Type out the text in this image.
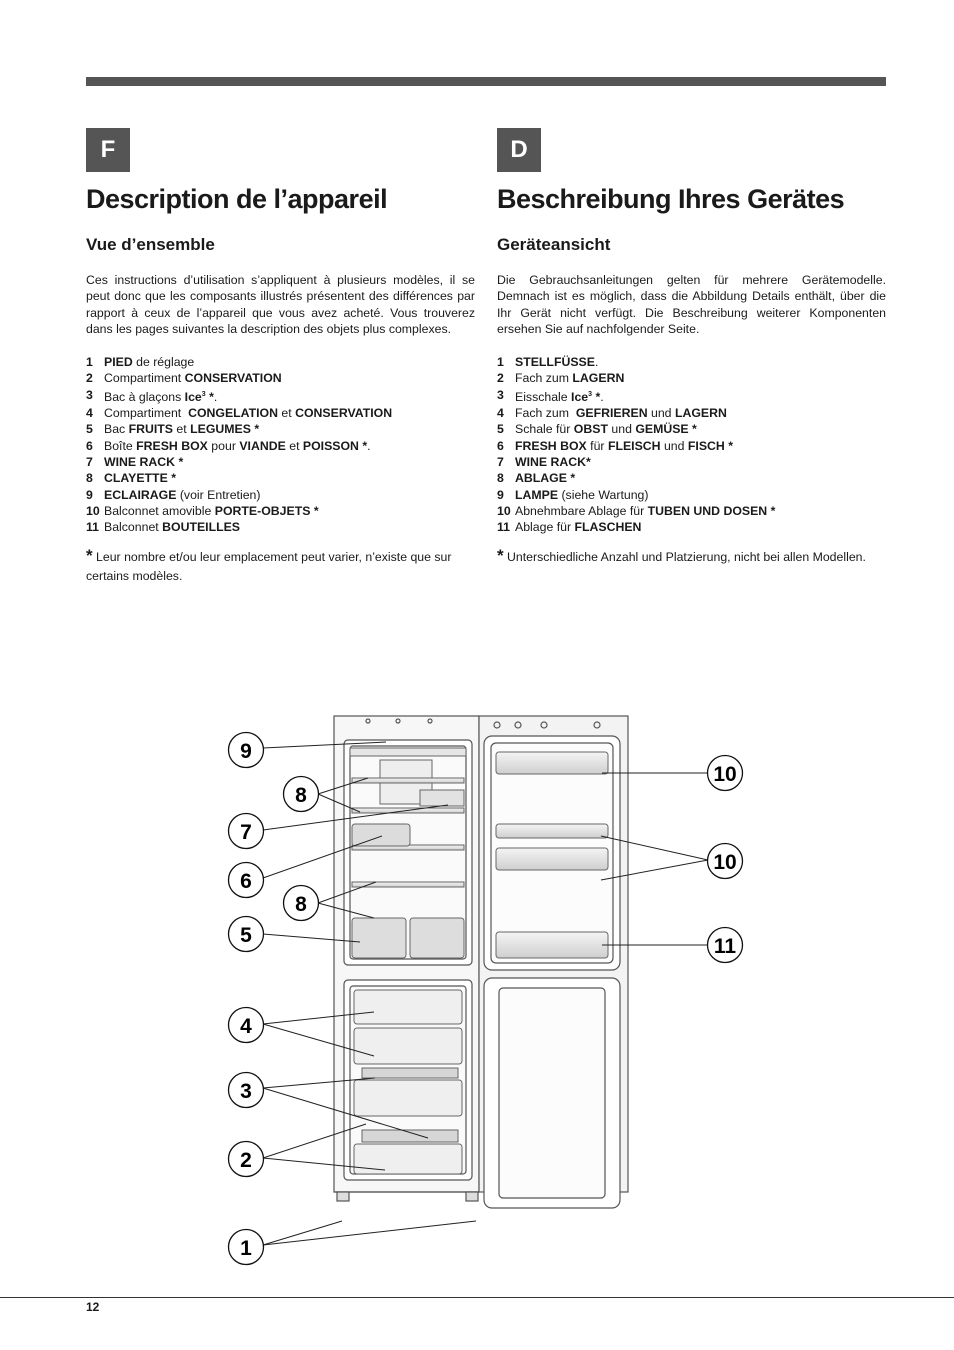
F
Description de l’appareil
Vue d’ensemble

Ces instructions d’utilisation s’appliquent à plusieurs modèles, il se peut donc que les composants illustrés présentent des différences par rapport à ceux de l’appareil que vous avez acheté. Vous trouverez dans les pages suivantes la description des objets plus complexes.

1 PIED de réglage
2 Compartiment CONSERVATION
3 Bac à glaçons Ice$^3$ *.
4 Compartiment  CONGELATION et CONSERVATION
5 Bac FRUITS et LEGUMES *
6 Boîte FRESH BOX pour VIANDE et POISSON *.
7 WINE RACK *
8 CLAYETTE *
9 ECLAIRAGE (voir Entretien)
10 Balconnet amovible PORTE-OBJETS *
11 Balconnet BOUTEILLES

* Leur nombre et/ou leur emplacement peut varier, n’existe que sur certains modèles.

D
Beschreibung Ihres Gerätes
Geräteansicht

Die Gebrauchsanleitungen gelten für mehrere Gerätemodelle. Demnach ist es möglich, dass die Abbildung Details enthält, über die Ihr Gerät nicht verfügt. Die Beschreibung weiterer Komponenten ersehen Sie auf nachfolgender Seite.

1 STELLFÜSSE.
2 Fach zum LAGERN
3 Eisschale Ice$^3$ *.
4 Fach zum  GEFRIEREN und LAGERN
5 Schale für OBST und GEMÜSE *
6 FRESH BOX für FLEISCH und FISCH *
7 WINE RACK*
8 ABLAGE *
9 LAMPE (siehe Wartung)
10 Abnehmbare Ablage für TUBEN UND DOSEN *
11 Ablage für FLASCHEN

* Unterschiedliche Anzahl und Platzierung, nicht bei allen Modellen.

9
8
7
6
8
5
4
3
2
1
10
10
11
12
